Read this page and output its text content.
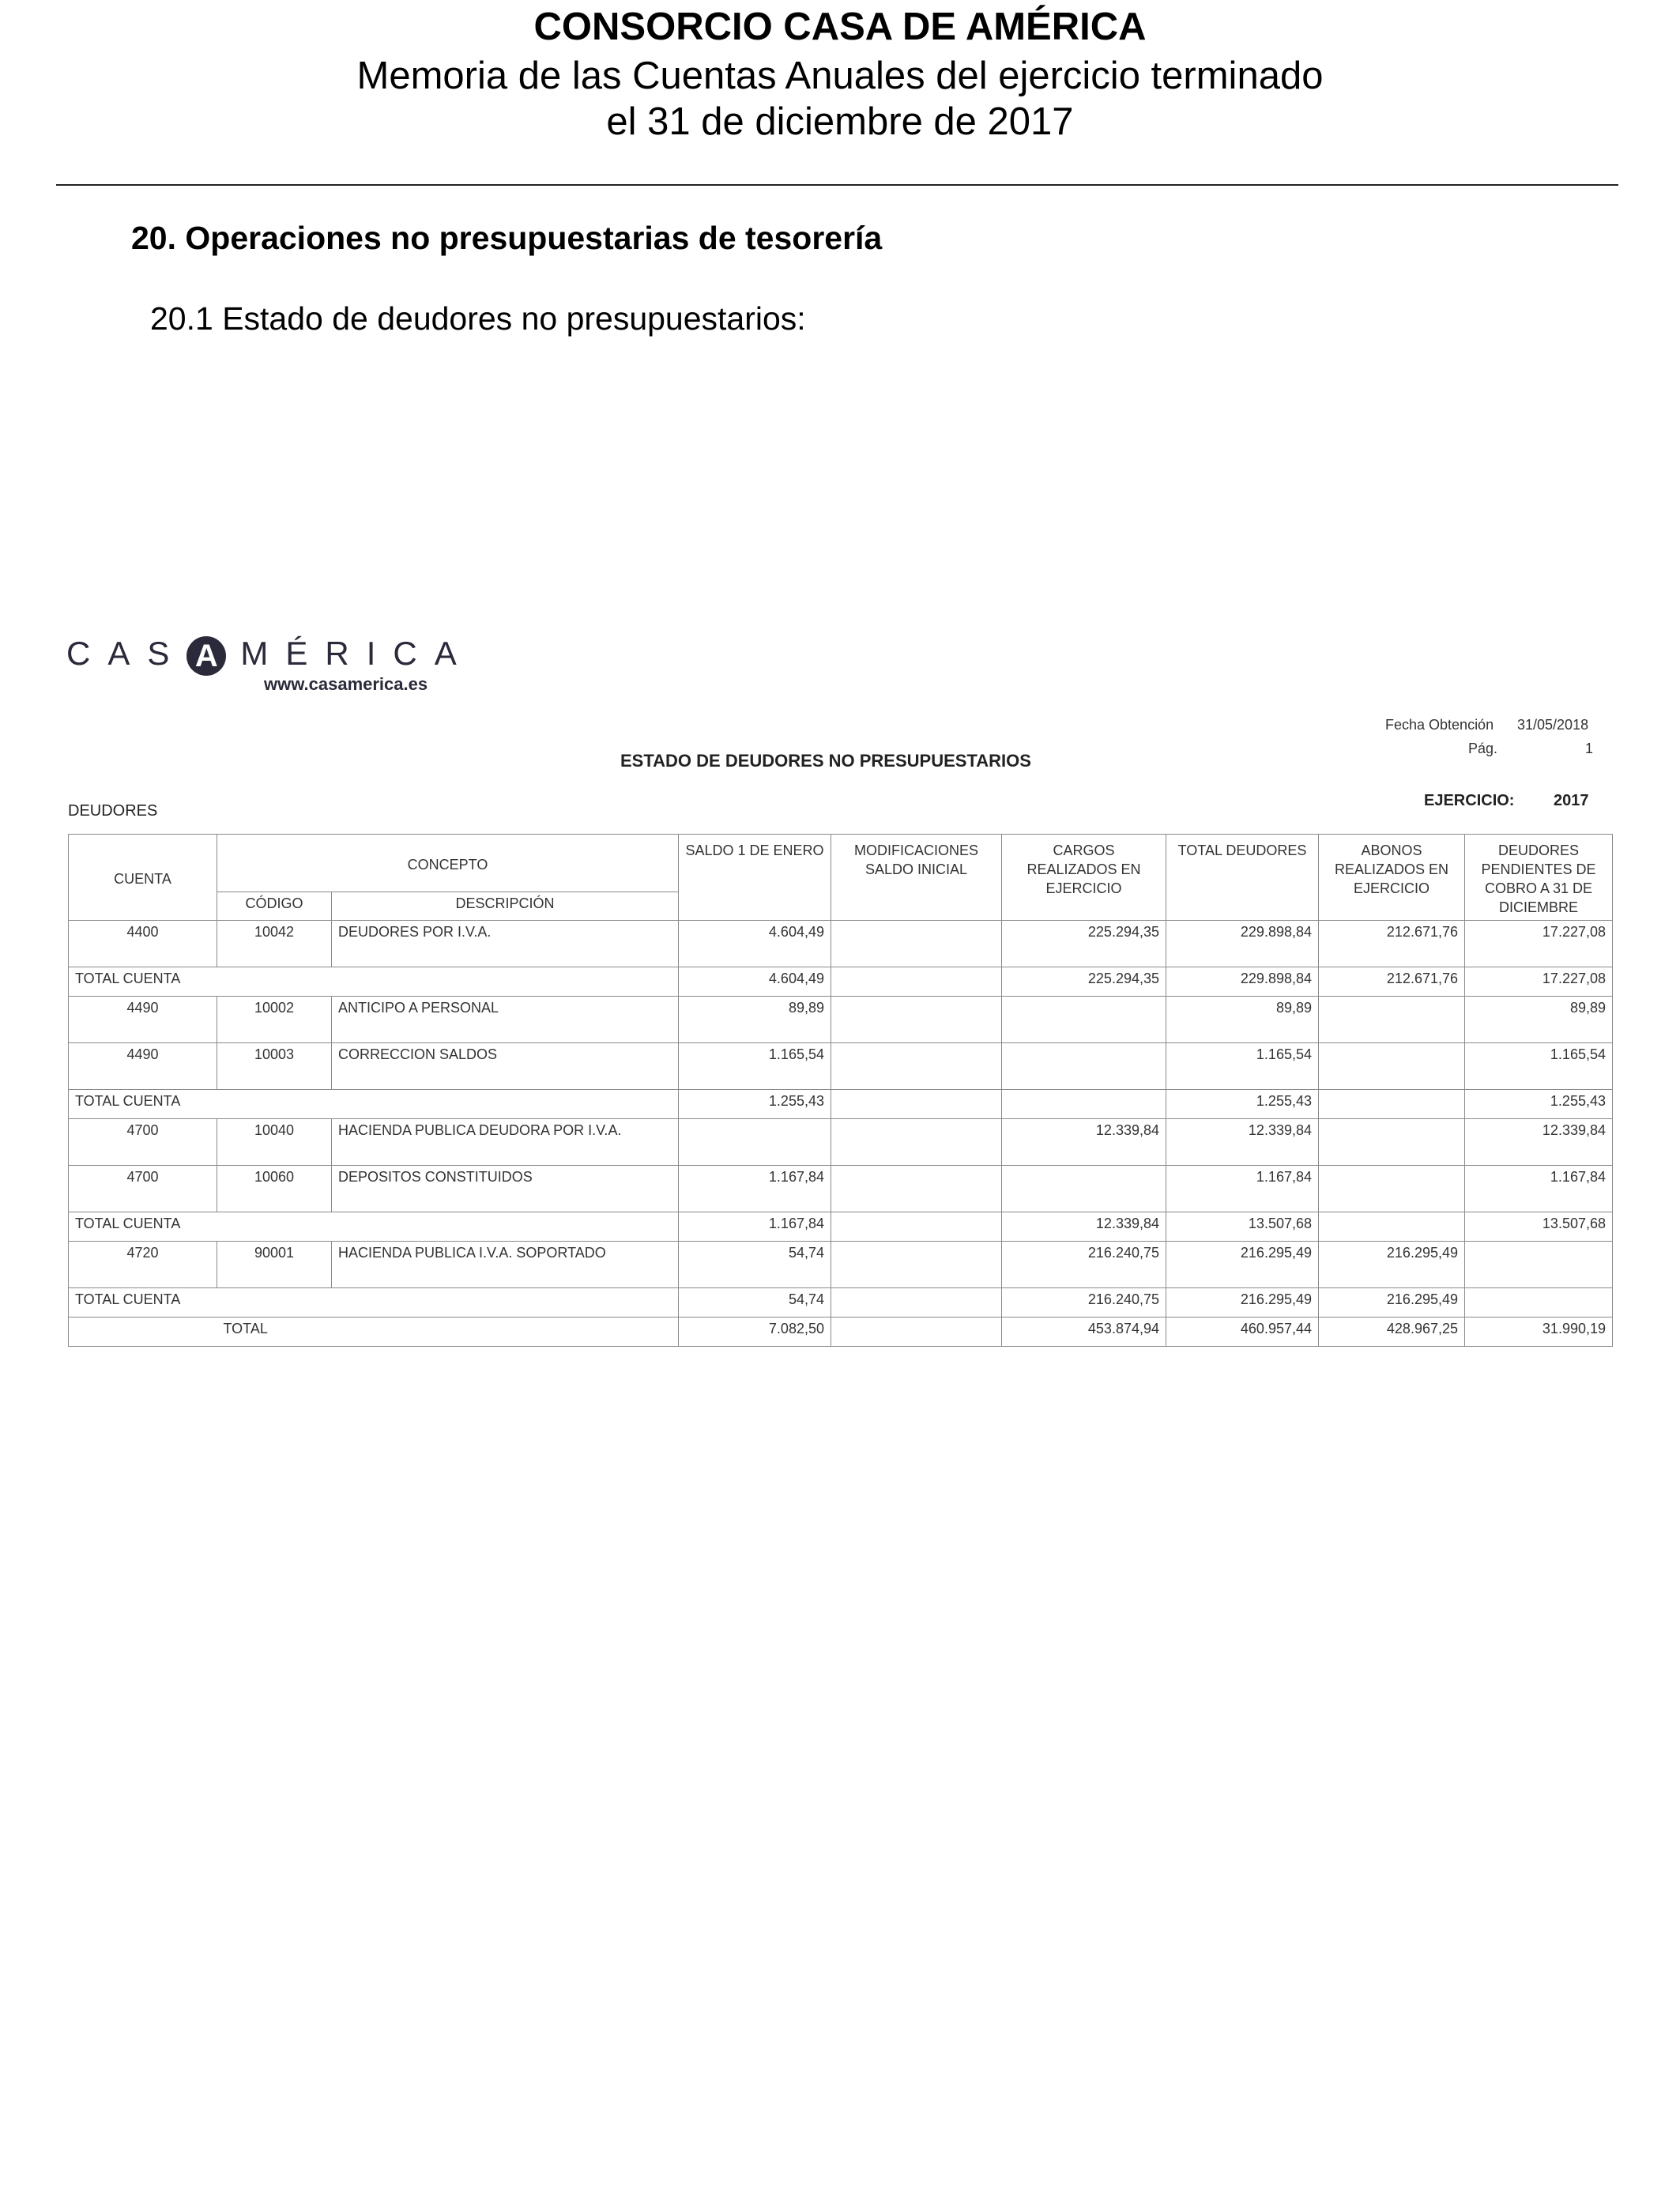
CONSORCIO CASA DE AMÉRICA
Memoria de las Cuentas Anuales del ejercicio terminado
el 31 de diciembre de 2017
20. Operaciones no presupuestarias de tesorería
20.1 Estado de deudores no presupuestarios:
CAS A MÉRICA
www.casamerica.es
Fecha Obtención 31/05/2018
Pág.	1
ESTADO DE DEUDORES NO PRESUPUESTARIOS
DEUDORES
EJERCICIO: 2017
CUENTA	CONCEPTO		SALDO 1 DE ENERO	MODIFICACIONES SALDO INICIAL	CARGOS REALIZADOS EN EJERCICIO	TOTAL DEUDORES	ABONOS REALIZADOS EN EJERCICIO	DEUDORES PENDIENTES DE COBRO A 31 DE DICIEMBRE
	CÓDIGO	DESCRIPCIÓN						
4400	10042	DEUDORES POR I.V.A.	4.604,49		225.294,35	229.898,84	212.671,76	17.227,08
TOTAL CUENTA			4.604,49		225.294,35	229.898,84	212.671,76	17.227,08
4490	10002	ANTICIPO A PERSONAL	89,89			89,89		89,89
4490	10003	CORRECCION SALDOS	1.165,54			1.165,54		1.165,54
TOTAL CUENTA			1.255,43			1.255,43		1.255,43
4700	10040	HACIENDA PUBLICA DEUDORA POR I.V.A.			12.339,84	12.339,84		12.339,84
4700	10060	DEPOSITOS CONSTITUIDOS	1.167,84			1.167,84		1.167,84
TOTAL CUENTA			1.167,84		12.339,84	13.507,68		13.507,68
4720	90001	HACIENDA PUBLICA I.V.A. SOPORTADO	54,74		216.240,75	216.295,49	216.295,49	
TOTAL CUENTA			54,74		216.240,75	216.295,49	216.295,49	
	TOTAL		7.082,50		453.874,94	460.957,44	428.967,25	31.990,19
